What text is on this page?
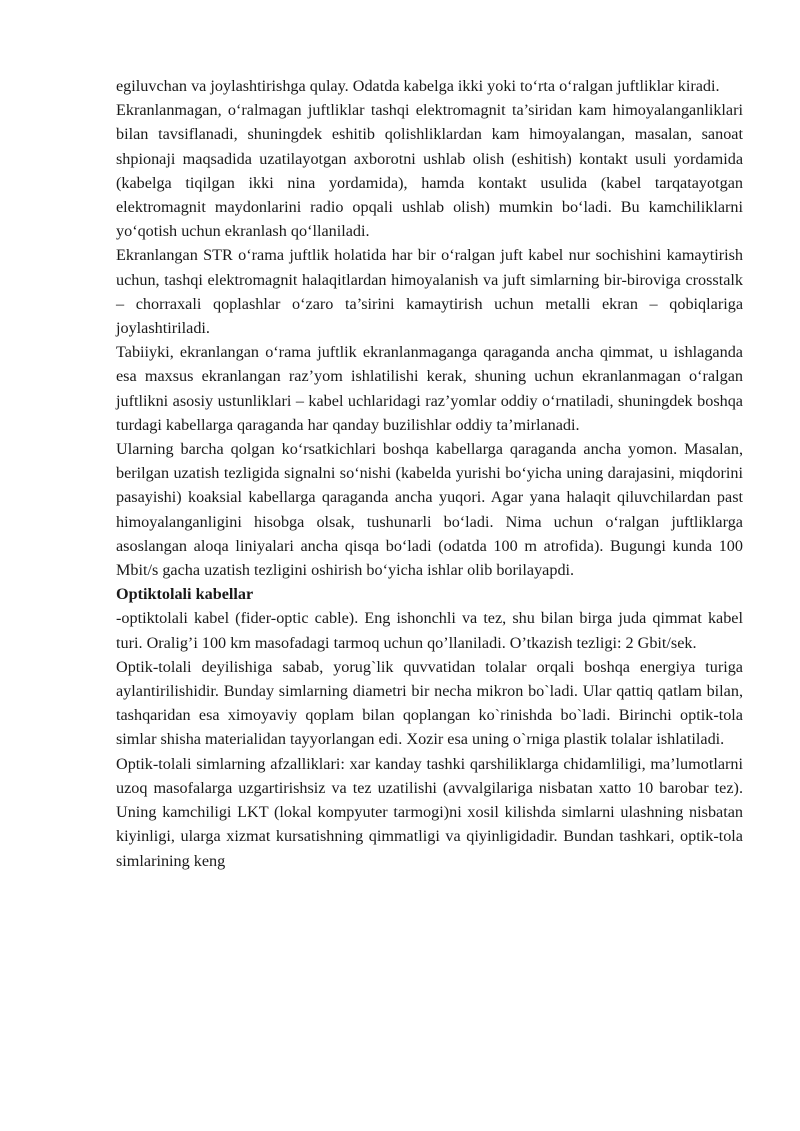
egiluvchan va joylashtirishga qulay. Odatda kabelga ikki yoki to‘rta o‘ralgan juftliklar kiradi.

Ekranlanmagan, o‘ralmagan juftliklar tashqi elektromagnit ta’siridan kam himoyalanganliklari bilan tavsiflanadi, shuningdek eshitib qolishliklardan kam himoyalangan, masalan, sanoat shpionaji maqsadida uzatilayotgan axborotni ushlab olish (eshitish) kontakt usuli yordamida (kabelga tiqilgan ikki nina yordamida), hamda kontakt usulida (kabel tarqatayotgan elektromagnit maydonlarini radio opqali ushlab olish) mumkin bo‘ladi. Bu kamchiliklarni yo‘qotish uchun ekranlash qo‘llaniladi.

Ekranlangan STR o‘rama juftlik holatida har bir o‘ralgan juft kabel nur sochishini kamaytirish uchun, tashqi elektromagnit halaqitlardan himoyalanish va juft simlarning bir-biroviga crosstalk – chorraxali qoplashlar o‘zaro ta’sirini kamaytirish uchun metalli ekran – qobiqlariga joylashtiriladi.

Tabiiyki, ekranlangan o‘rama juftlik ekranlanmaganga qaraganda ancha qimmat, u ishlaganda esa maxsus ekranlangan raz’yom ishlatilishi kerak, shuning uchun ekranlanmagan o‘ralgan juftlikni asosiy ustunliklari – kabel uchlaridagi raz’yomlar oddiy o‘rnatiladi, shuningdek boshqa turdagi kabellarga qaraganda har qanday buzilishlar oddiy ta’mirlanadi.

Ularning barcha qolgan ko‘rsatkichlari boshqa kabellarga qaraganda ancha yomon. Masalan, berilgan uzatish tezligida signalni so‘nishi (kabelda yurishi bo‘yicha uning darajasini, miqdorini pasayishi) koaksial kabellarga qaraganda ancha yuqori. Agar yana halaqit qiluvchilardan past himoyalanganligini hisobga olsak, tushunarli bo‘ladi. Nima uchun o‘ralgan juftliklarga asoslangan aloqa liniyalari ancha qisqa bo‘ladi (odatda 100 m atrofida). Bugungi kunda 100 Mbit/s gacha uzatish tezligini oshirish bo‘yicha ishlar olib borilayapdi.

Optiktolali kabellar

-optiktolali kabel (fider-optic cable). Eng ishonchli va tez, shu bilan birga juda qimmat kabel turi. Oralig’i 100 km masofadagi tarmoq uchun qo’llaniladi. O’tkazish tezligi: 2 Gbit/sek.

Optik-tolali deyilishiga sabab, yorug`lik quvvatidan tolalar orqali boshqa energiya turiga aylantirilishidir. Bunday simlarning diametri bir necha mikron bo`ladi. Ular qattiq qatlam bilan, tashqaridan esa ximoyaviy qoplam bilan qoplangan ko`rinishda bo`ladi. Birinchi optik-tola simlar shisha materialidan tayyorlangan edi. Xozir esa uning o`rniga plastik tolalar ishlatiladi.

Optik-tolali simlarning afzalliklari: xar kanday tashki qarshiliklarga chidamliligi, ma’lumotlarni uzoq masofalarga uzgartirishsiz va tez uzatilishi (avvalgilariga nisbatan xatto 10 barobar tez). Uning kamchiligi LKT (lokal kompyuter tarmogi)ni xosil kilishda simlarni ulashning nisbatan kiyinligi, ularga xizmat kursatishning qimmatligi va qiyinligidadir. Bundan tashkari, optik-tola simlarining keng
